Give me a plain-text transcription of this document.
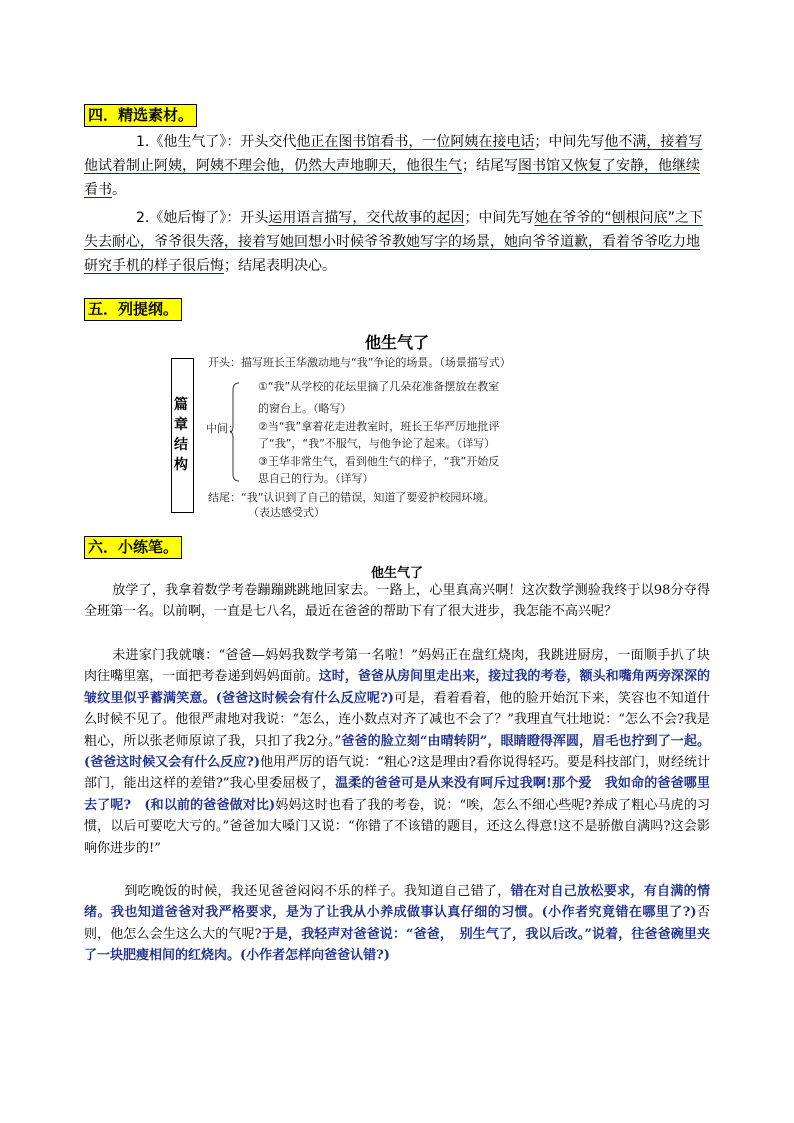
四．精选素材。

1.《他生气了》：开头交代他正在图书馆看书，一位阿姨在接电话；中间先写他不满，接着写他试着制止阿姨，阿姨不理会他，仍然大声地聊天，他很生气；结尾写图书馆又恢复了安静，他继续看书。

2.《她后悔了》：开头运用语言描写，交代故事的起因；中间先写她在爷爷的“刨根问底”之下失去耐心，爷爷很失落，接着写她回想小时候爷爷教她写字的场景，她向爷爷道歉，看着爷爷吃力地研究手机的样子很后悔；结尾表明决心。

五．列提纲。
他生气了
篇
章
结
构
开头：描写班长王华激动地与“我”争论的场景。（场景描写式）
中间：
①“我”从学校的花坛里摘了几朵花准备摆放在教室
的窗台上。（略写）
②当“我”拿着花走进教室时，班长王华严厉地批评
了“我”，“我”不服气，与他争论了起来。（详写）
③王华非常生气，看到他生气的样子，“我”开始反
思自己的行为。（详写）
结尾：“我”认识到了自己的错误，知道了要爱护校园环境。
（表达感受式）
六．小练笔。
他生气了

放学了，我拿着数学考卷蹦蹦跳跳地回家去。一路上，心里真高兴啊！这次数学测验我终于以98分夺得全班第一名。以前啊，一直是七八名，最近在爸爸的帮助下有了很大进步，我怎能不高兴呢？

未进家门我就嚷：“爸爸—妈妈我数学考第一名啦！”妈妈正在盘红烧肉，我跳进厨房，一面顺手扒了块肉往嘴里塞，一面把考卷递到妈妈面前。这时，爸爸从房间里走出来，接过我的考卷，额头和嘴角两旁深深的皱纹里似乎蓄满笑意。(爸爸这时候会有什么反应呢?)可是，看着看着，他的脸开始沉下来，笑容也不知道什么时候不见了。他很严肃地对我说：“怎么，连小数点对齐了减也不会了？”我理直气壮地说：“怎么不会?我是粗心，所以张老师原谅了我，只扣了我2分。”爸爸的脸立刻“由晴转阴”，眼睛瞪得浑圆，眉毛也拧到了一起。(爸爸这时候又会有什么反应?)他用严厉的语气说：“粗心?这是理由?看你说得轻巧。要是科技部门，财经统计部门，能出这样的差错?”我心里委屈极了，温柔的爸爸可是从来没有呵斥过我啊!那个爱　我如命的爸爸哪里去了呢?　(和以前的爸爸做对比)妈妈这时也看了我的考卷，说：“唉，怎么不细心些呢?养成了粗心马虎的习惯，以后可要吃大亏的。”爸爸加大嗓门又说：“你错了不该错的题目，还这么得意!这不是骄傲自满吗?这会影响你进步的!”

到吃晚饭的时候，我还见爸爸闷闷不乐的样子。我知道自己错了，错在对自己放松要求，有自满的情绪。我也知道爸爸对我严格要求，是为了让我从小养成做事认真仔细的习惯。(小作者究竟错在哪里了?)否则，他怎么会生这么大的气呢?于是，我轻声对爸爸说：“爸爸，　别生气了，我以后改。”说着，往爸爸碗里夹了一块肥瘦相间的红烧肉。(小作者怎样向爸爸认错?)
